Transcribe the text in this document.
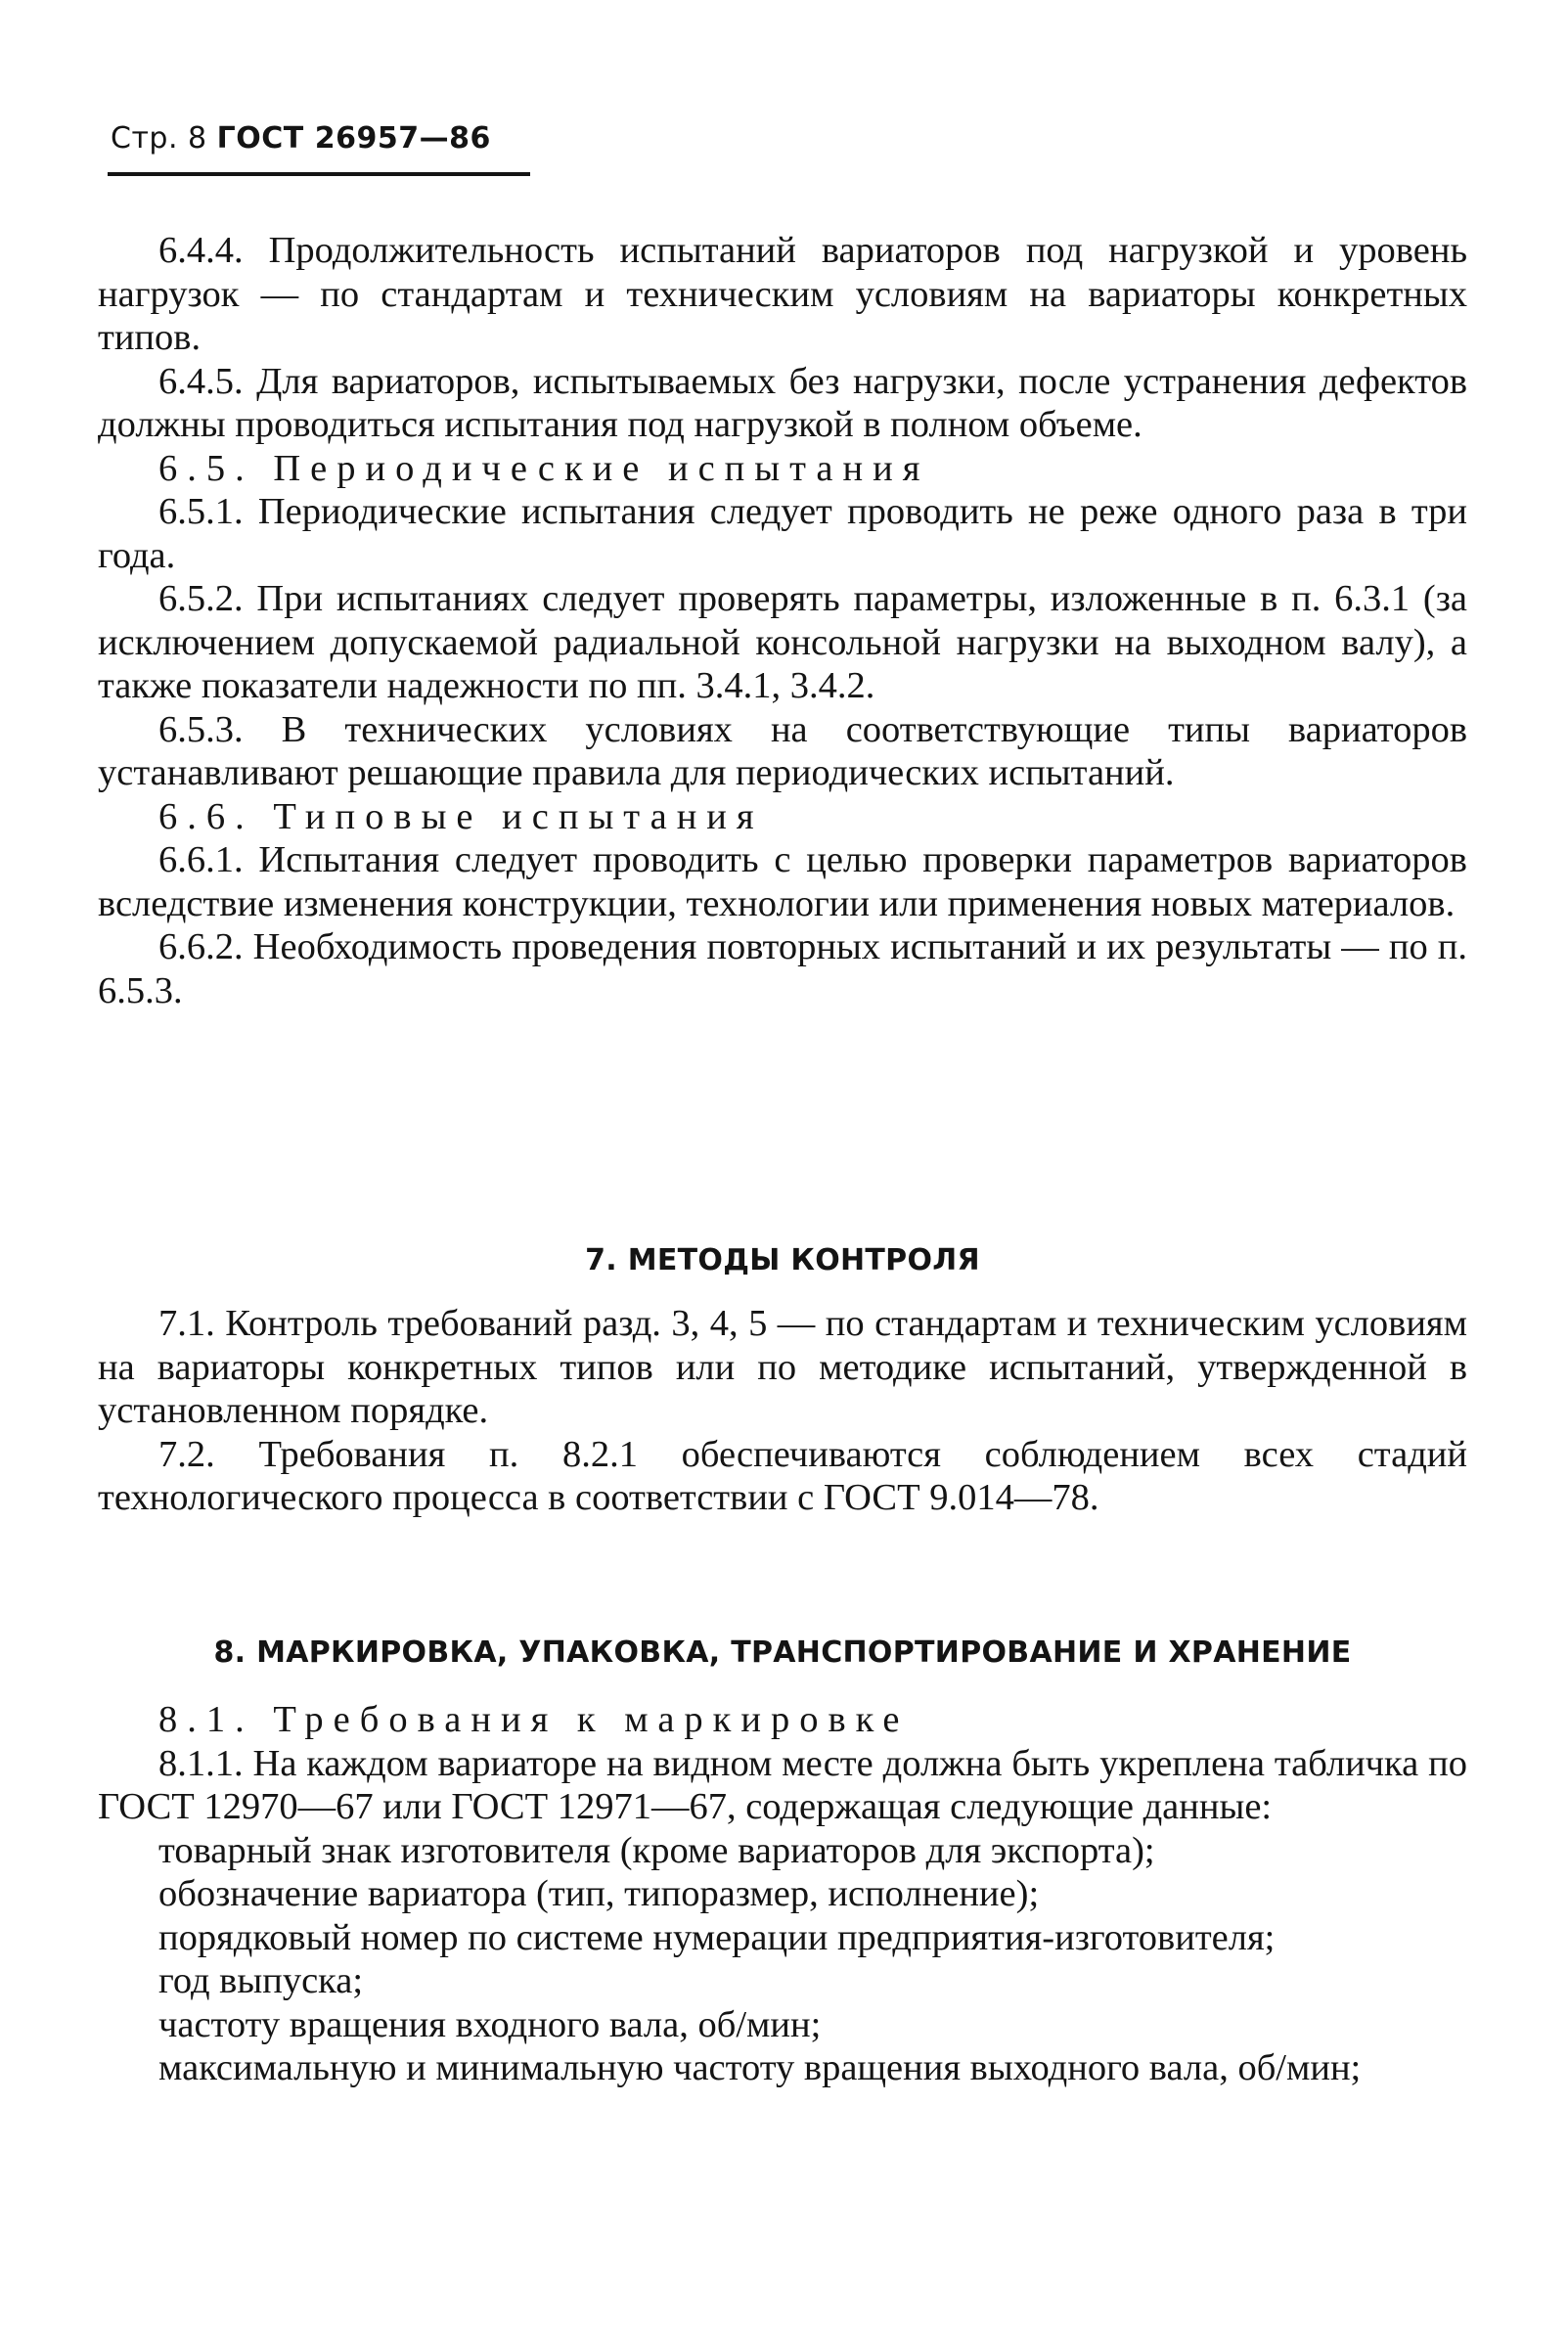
Стр. 8 ГОСТ 26957—86

6.4.4. Продолжительность испытаний вариаторов под нагрузкой и уровень нагрузок — по стандартам и техническим условиям на вариаторы конкретных типов.

6.4.5. Для вариаторов, испытываемых без нагрузки, после устранения дефектов должны проводиться испытания под нагрузкой в полном объеме.

6.5. Периодические испытания

6.5.1. Периодические испытания следует проводить не реже одного раза в три года.

6.5.2. При испытаниях следует проверять параметры, изложенные в п. 6.3.1 (за исключением допускаемой радиальной консольной нагрузки на выходном валу), а также показатели надежности по пп. 3.4.1, 3.4.2.

6.5.3. В технических условиях на соответствующие типы вариаторов устанавливают решающие правила для периодических испытаний.

6.6. Типовые испытания

6.6.1. Испытания следует проводить с целью проверки параметров вариаторов вследствие изменения конструкции, технологии или применения новых материалов.

6.6.2. Необходимость проведения повторных испытаний и их результаты — по п. 6.5.3.

7. МЕТОДЫ КОНТРОЛЯ

7.1. Контроль требований разд. 3, 4, 5 — по стандартам и техническим условиям на вариаторы конкретных типов или по методике испытаний, утвержденной в установленном порядке.

7.2. Требования п. 8.2.1 обеспечиваются соблюдением всех стадий технологического процесса в соответствии с ГОСТ 9.014—78.

8. МАРКИРОВКА, УПАКОВКА, ТРАНСПОРТИРОВАНИЕ И ХРАНЕНИЕ

8.1. Требования к маркировке

8.1.1. На каждом вариаторе на видном месте должна быть укреплена табличка по ГОСТ 12970—67 или ГОСТ 12971—67, содержащая следующие данные:

товарный знак изготовителя (кроме вариаторов для экспорта);

обозначение вариатора (тип, типоразмер, исполнение);

порядковый номер по системе нумерации предприятия-изготовителя;

год выпуска;

частоту вращения входного вала, об/мин;

максимальную и минимальную частоту вращения выходного вала, об/мин;
